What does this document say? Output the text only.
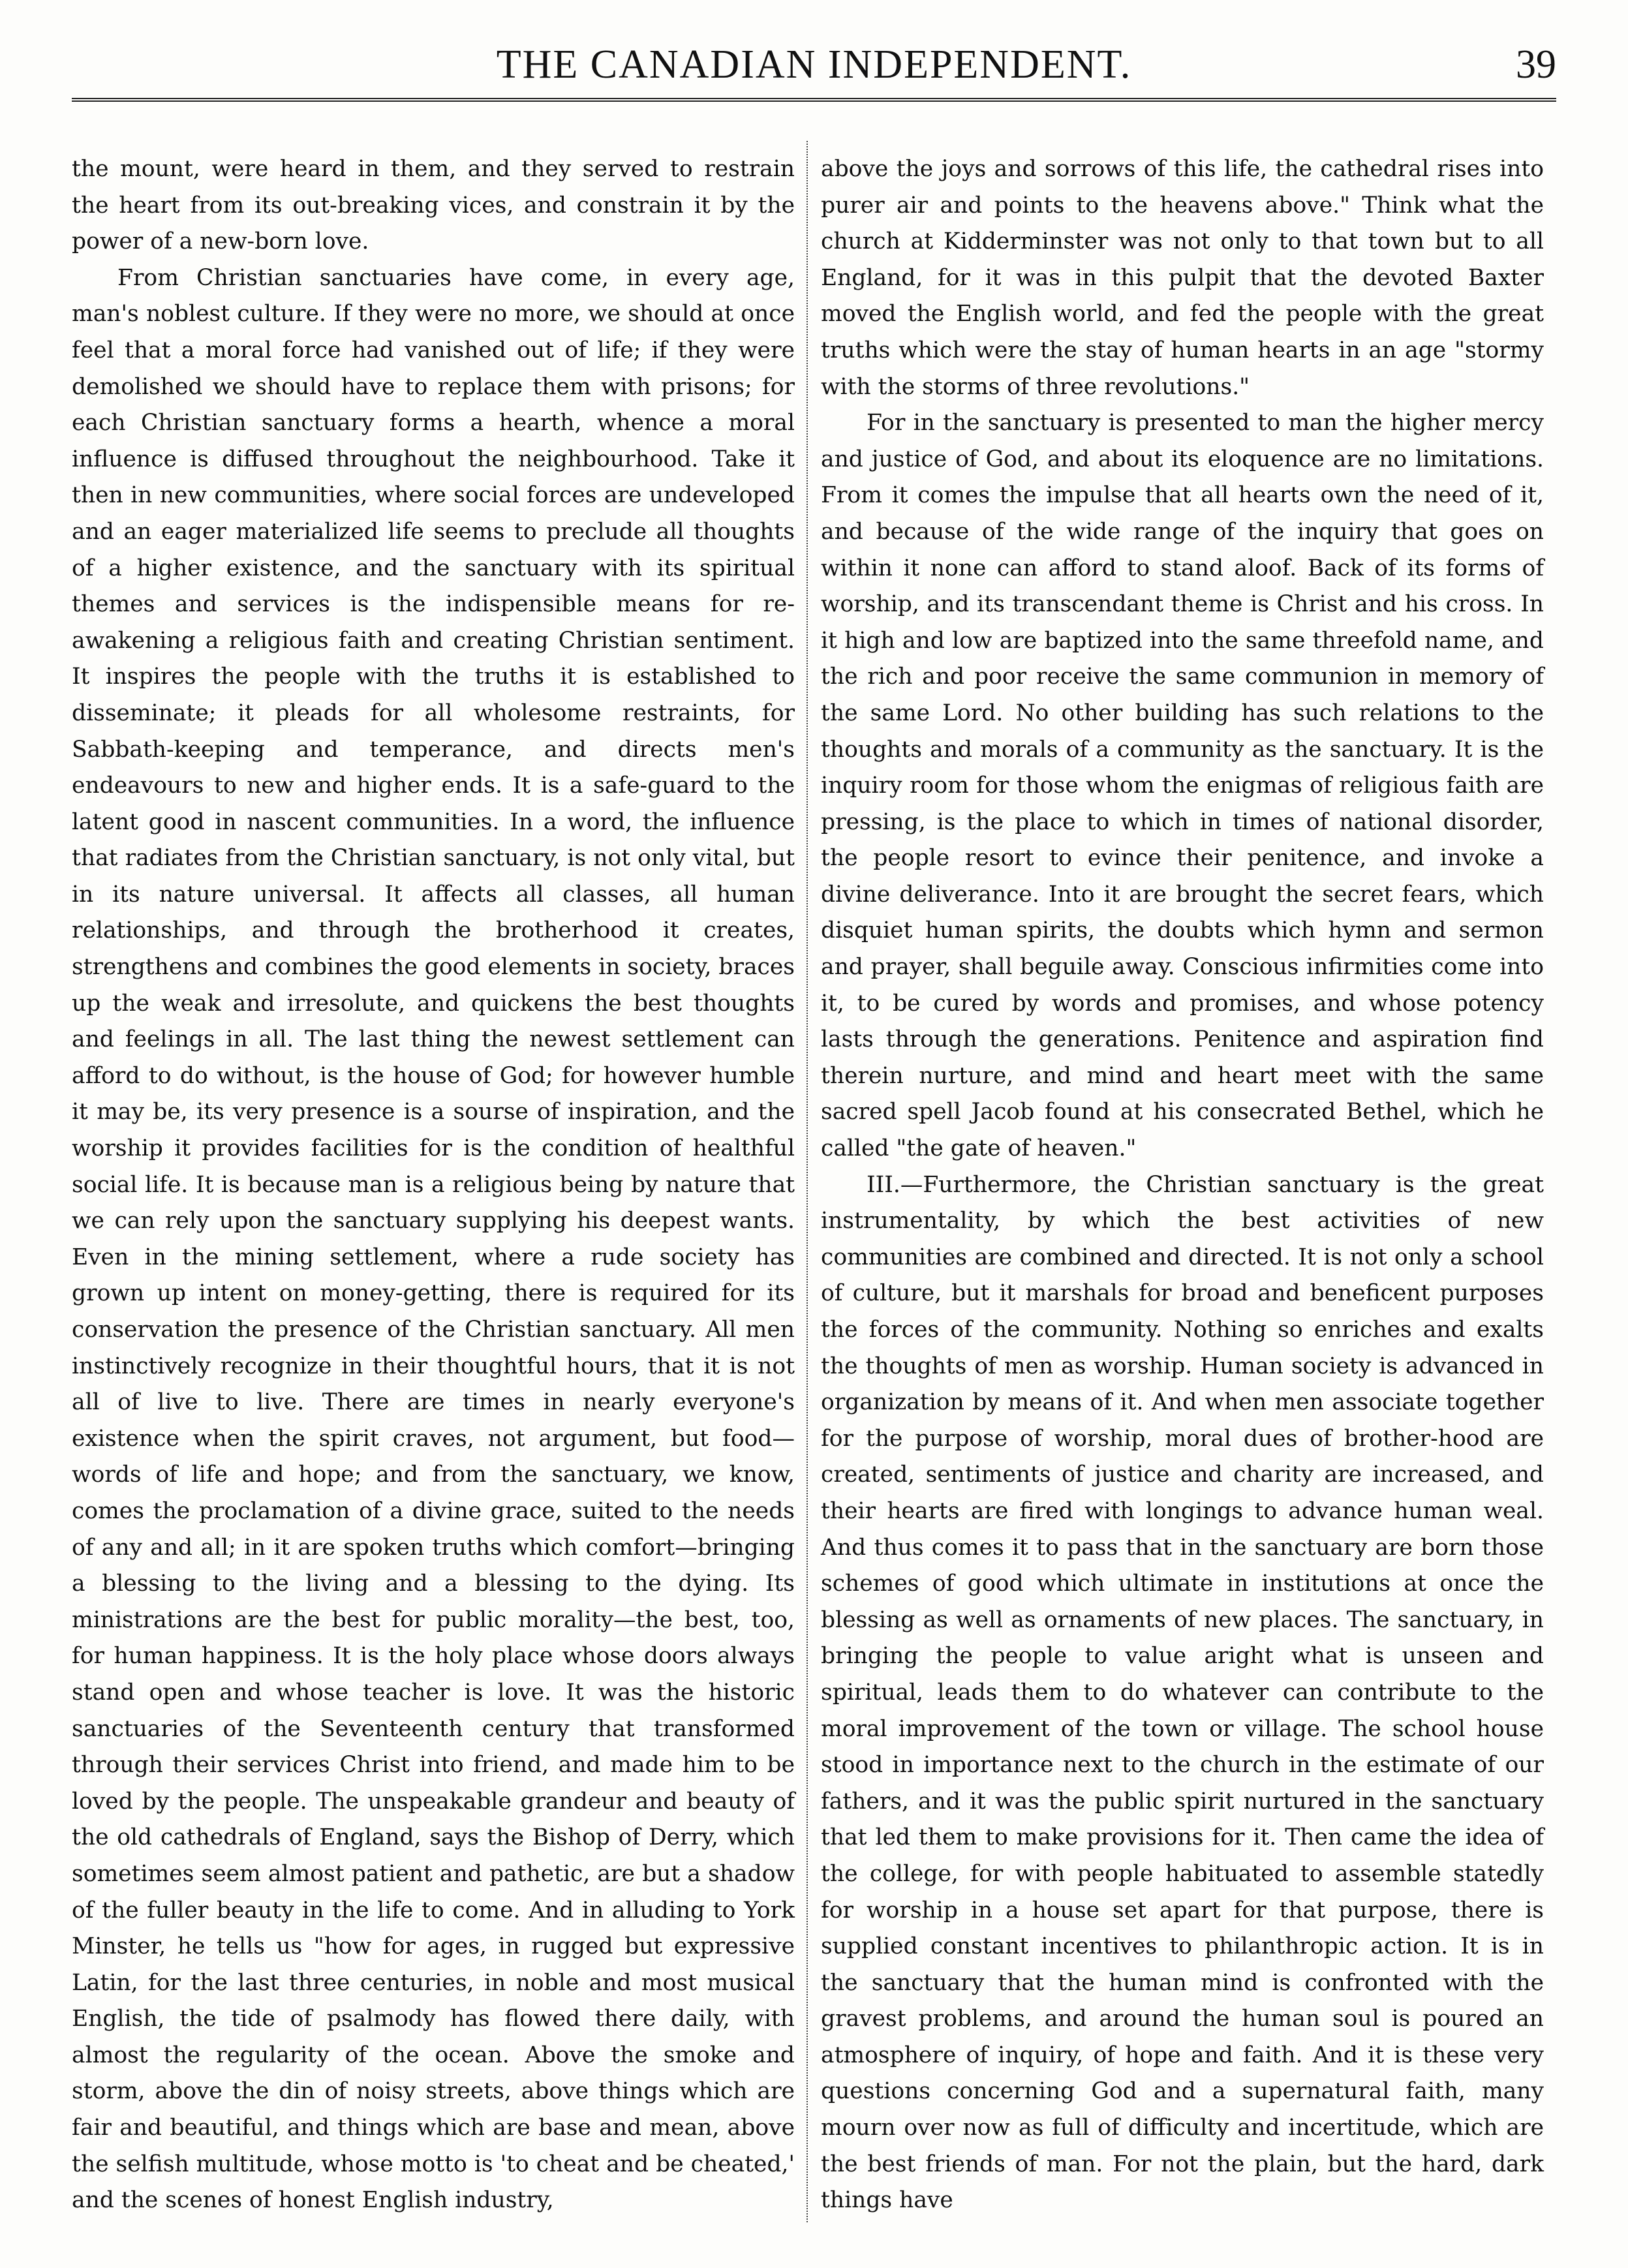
THE CANADIAN INDEPENDENT.	39

the mount, were heard in them, and they served to restrain the heart from its out-breaking vices, and constrain it by the power of a new-born love.

From Christian sanctuaries have come, in every age, man's noblest culture. If they were no more, we should at once feel that a moral force had vanished out of life; if they were demolished we should have to replace them with prisons; for each Christian sanctuary forms a hearth, whence a moral influence is diffused throughout the neighbourhood. Take it then in new communities, where social forces are undeveloped and an eager materialized life seems to preclude all thoughts of a higher existence, and the sanctuary with its spiritual themes and services is the indispensible means for re-awakening a religious faith and creating Christian sentiment. It inspires the people with the truths it is established to disseminate; it pleads for all wholesome restraints, for Sabbath-keeping and temperance, and directs men's endeavours to new and higher ends. It is a safe-guard to the latent good in nascent communities. In a word, the influence that radiates from the Christian sanctuary, is not only vital, but in its nature universal. It affects all classes, all human relationships, and through the brotherhood it creates, strengthens and combines the good elements in society, braces up the weak and irresolute, and quickens the best thoughts and feelings in all. The last thing the newest settlement can afford to do without, is the house of God; for however humble it may be, its very presence is a sourse of inspiration, and the worship it provides facilities for is the condition of healthful social life. It is because man is a religious being by nature that we can rely upon the sanctuary supplying his deepest wants. Even in the mining settlement, where a rude society has grown up intent on money-getting, there is required for its conservation the presence of the Christian sanctuary. All men instinctively recognize in their thoughtful hours, that it is not all of live to live. There are times in nearly everyone's existence when the spirit craves, not argument, but food—words of life and hope; and from the sanctuary, we know, comes the proclamation of a divine grace, suited to the needs of any and all; in it are spoken truths which comfort—bringing a blessing to the living and a blessing to the dying. Its ministrations are the best for public morality—the best, too, for human happiness. It is the holy place whose doors always stand open and whose teacher is love. It was the historic sanctuaries of the Seventeenth century that transformed through their services Christ into friend, and made him to be loved by the people. The unspeakable grandeur and beauty of the old cathedrals of England, says the Bishop of Derry, which sometimes seem almost patient and pathetic, are but a shadow of the fuller beauty in the life to come. And in alluding to York Minster, he tells us "how for ages, in rugged but expressive Latin, for the last three centuries, in noble and most musical English, the tide of psalmody has flowed there daily, with almost the regularity of the ocean. Above the smoke and storm, above the din of noisy streets, above things which are fair and beautiful, and things which are base and mean, above the selfish multitude, whose motto is 'to cheat and be cheated,' and the scenes of honest English industry,

above the joys and sorrows of this life, the cathedral rises into purer air and points to the heavens above." Think what the church at Kidderminster was not only to that town but to all England, for it was in this pulpit that the devoted Baxter moved the English world, and fed the people with the great truths which were the stay of human hearts in an age "stormy with the storms of three revolutions."

For in the sanctuary is presented to man the higher mercy and justice of God, and about its eloquence are no limitations. From it comes the impulse that all hearts own the need of it, and because of the wide range of the inquiry that goes on within it none can afford to stand aloof. Back of its forms of worship, and its transcendant theme is Christ and his cross. In it high and low are baptized into the same threefold name, and the rich and poor receive the same communion in memory of the same Lord. No other building has such relations to the thoughts and morals of a community as the sanctuary. It is the inquiry room for those whom the enigmas of religious faith are pressing, is the place to which in times of national disorder, the people resort to evince their penitence, and invoke a divine deliverance. Into it are brought the secret fears, which disquiet human spirits, the doubts which hymn and sermon and prayer, shall beguile away. Conscious infirmities come into it, to be cured by words and promises, and whose potency lasts through the generations. Penitence and aspiration find therein nurture, and mind and heart meet with the same sacred spell Jacob found at his consecrated Bethel, which he called "the gate of heaven."

III.—Furthermore, the Christian sanctuary is the great instrumentality, by which the best activities of new communities are combined and directed. It is not only a school of culture, but it marshals for broad and beneficent purposes the forces of the community. Nothing so enriches and exalts the thoughts of men as worship. Human society is advanced in organization by means of it. And when men associate together for the purpose of worship, moral dues of brother-hood are created, sentiments of justice and charity are increased, and their hearts are fired with longings to advance human weal. And thus comes it to pass that in the sanctuary are born those schemes of good which ultimate in institutions at once the blessing as well as ornaments of new places. The sanctuary, in bringing the people to value aright what is unseen and spiritual, leads them to do whatever can contribute to the moral improvement of the town or village. The school house stood in importance next to the church in the estimate of our fathers, and it was the public spirit nurtured in the sanctuary that led them to make provisions for it. Then came the idea of the college, for with people habituated to assemble statedly for worship in a house set apart for that purpose, there is supplied constant incentives to philanthropic action. It is in the sanctuary that the human mind is confronted with the gravest problems, and around the human soul is poured an atmosphere of inquiry, of hope and faith. And it is these very questions concerning God and a supernatural faith, many mourn over now as full of difficulty and incertitude, which are the best friends of man. For not the plain, but the hard, dark things have
